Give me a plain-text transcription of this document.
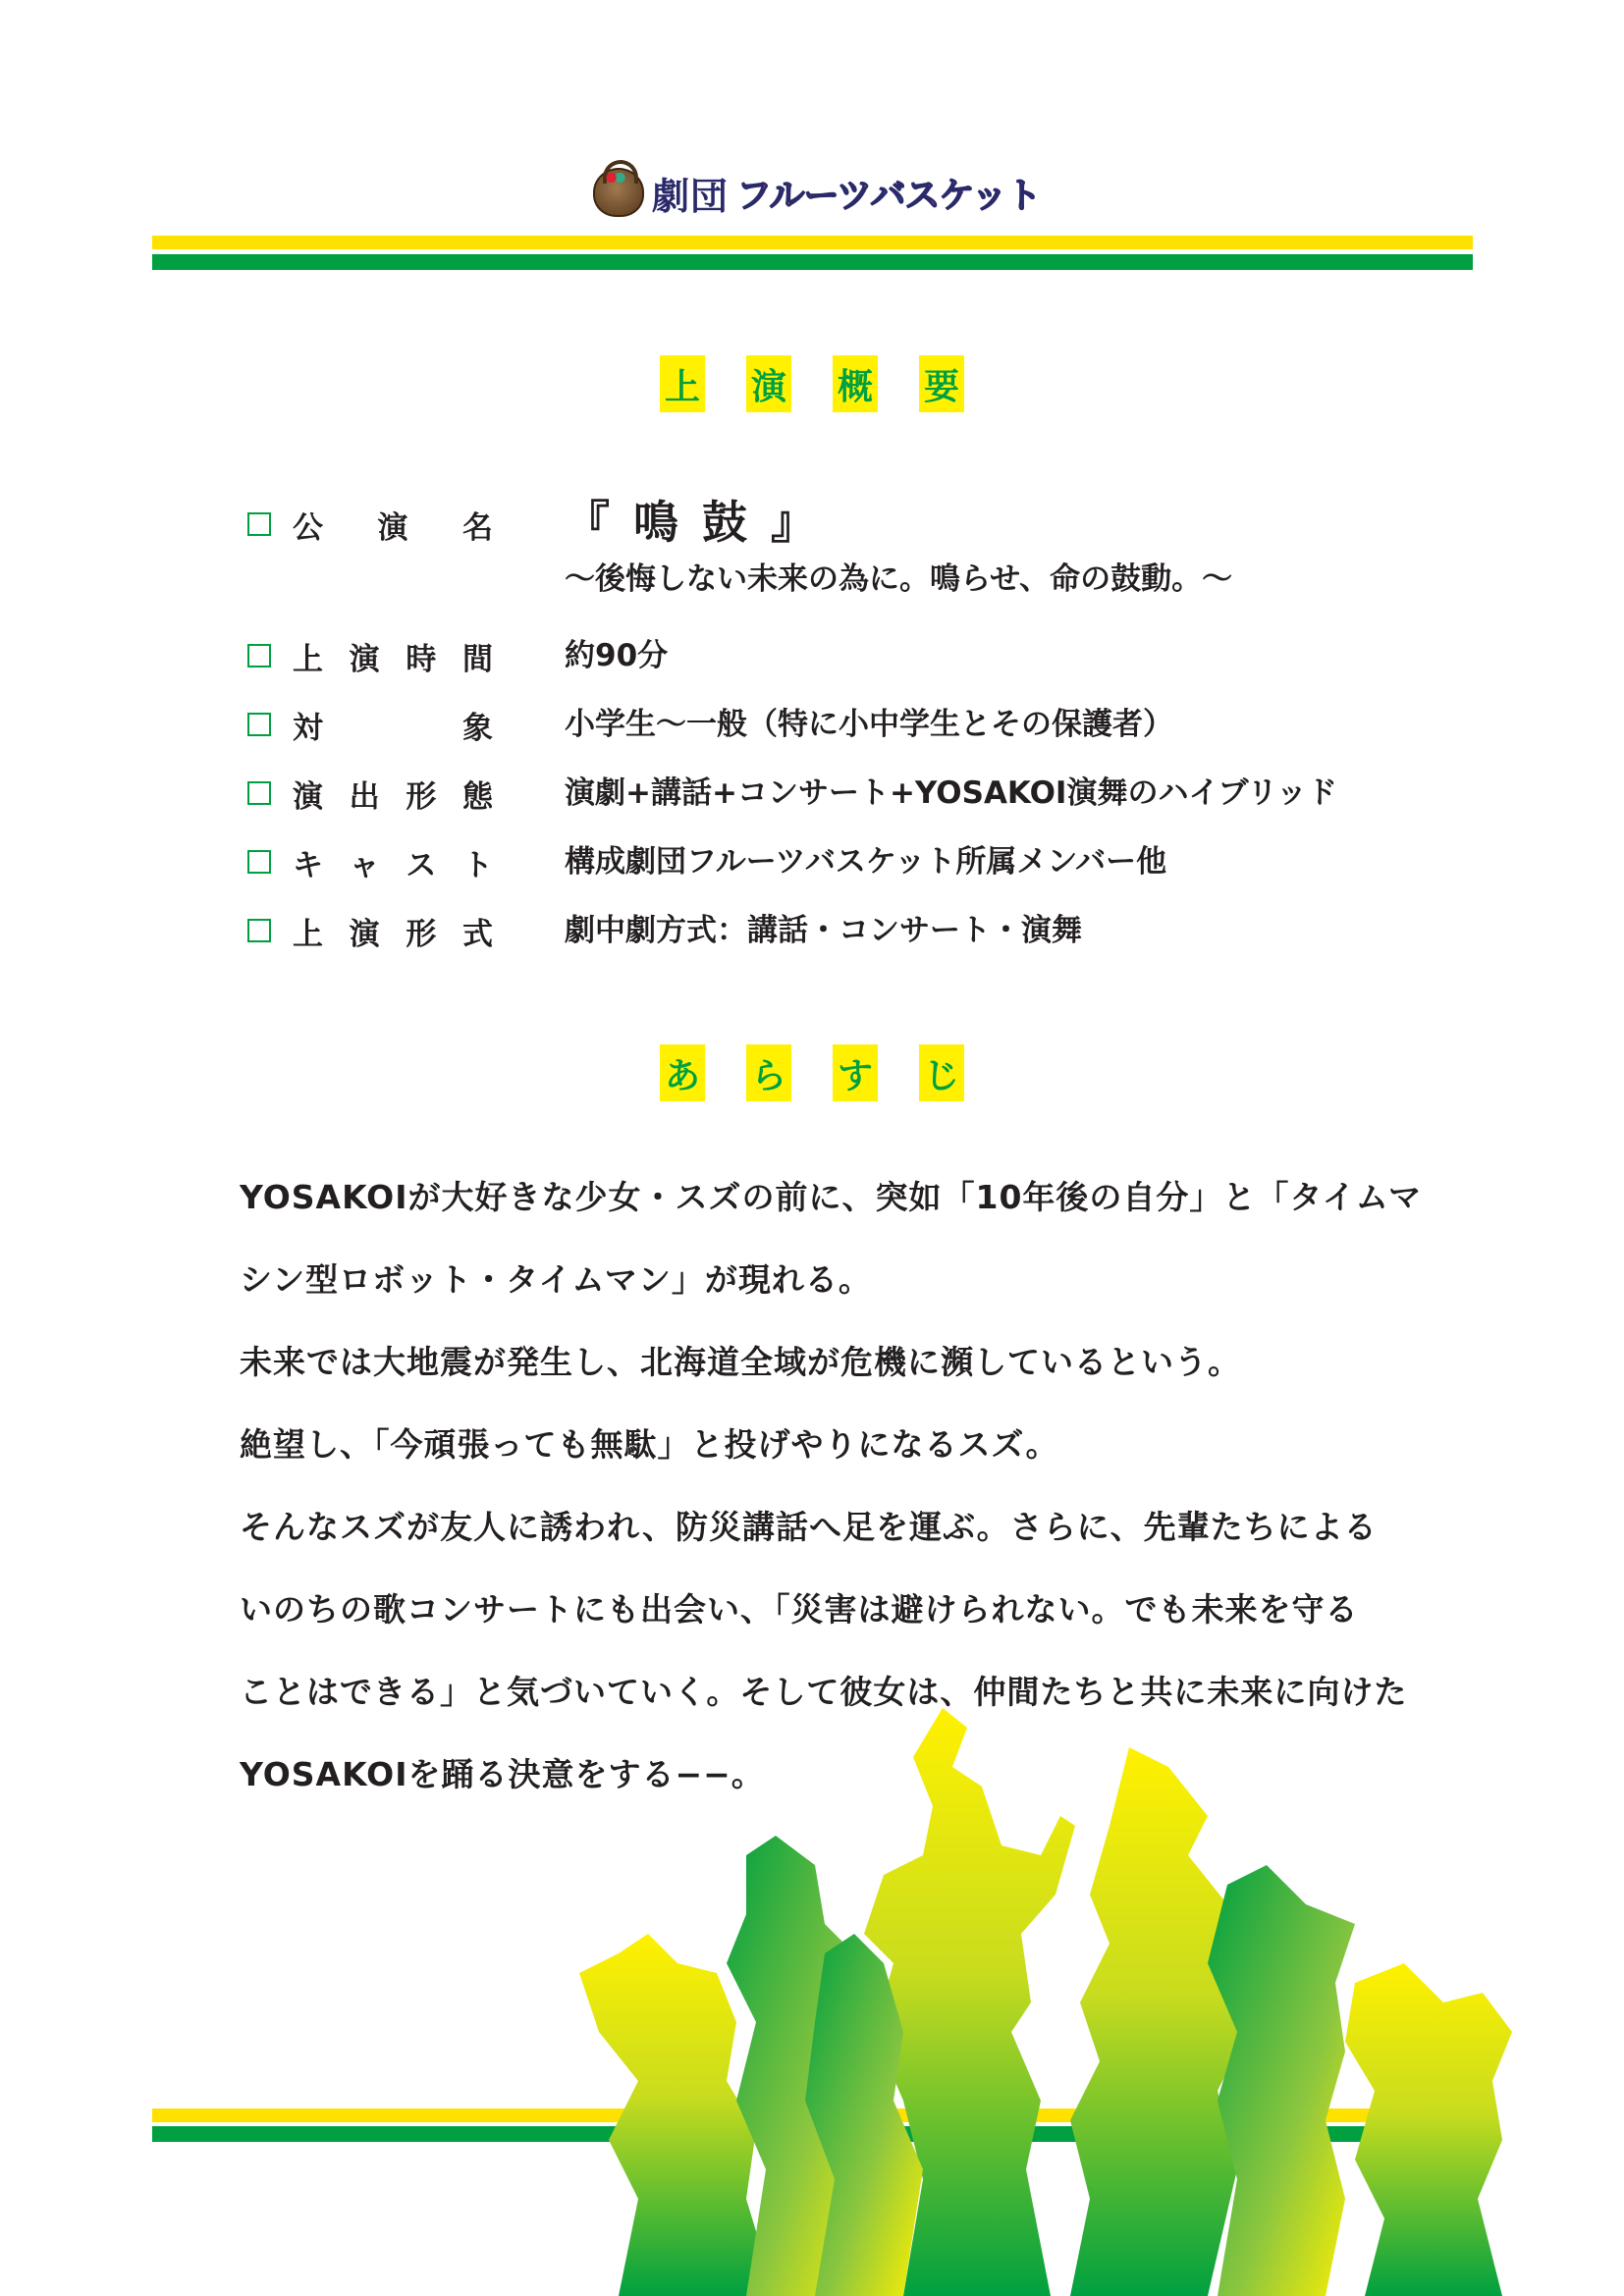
劇団 フルーツバスケット
上 演 概 要
公 演 名 『 鳴 鼓 』
〜後悔しない未来の為に。鳴らせ、命の鼓動。〜
上 演 時 間 約90分
対	象 小学生〜一般（特に小中学生とその保護者）
演 出 形 態 演劇+講話+コンサート+YOSAKOI演舞のハイブリッド
キ ャ ス ト 構成劇団フルーツバスケット所属メンバー他
上 演 形 式 劇中劇方式：講話・コンサート・演舞
あ ら す じ

YOSAKOIが大好きな少女・スズの前に、突如「10年後の自分」と「タイムマ

シン型ロボット・タイムマン」が現れる。

未来では大地震が発生し、北海道全域が危機に瀕しているという。

絶望し、「今頑張っても無駄」と投げやりになるスズ。

そんなスズが友人に誘われ、防災講話へ足を運ぶ。さらに、先輩たちによる

いのちの歌コンサートにも出会い、「災害は避けられない。でも未来を守る

ことはできる」と気づいていく。そして彼女は、仲間たちと共に未来に向けた

YOSAKOIを踊る決意をする−−。
